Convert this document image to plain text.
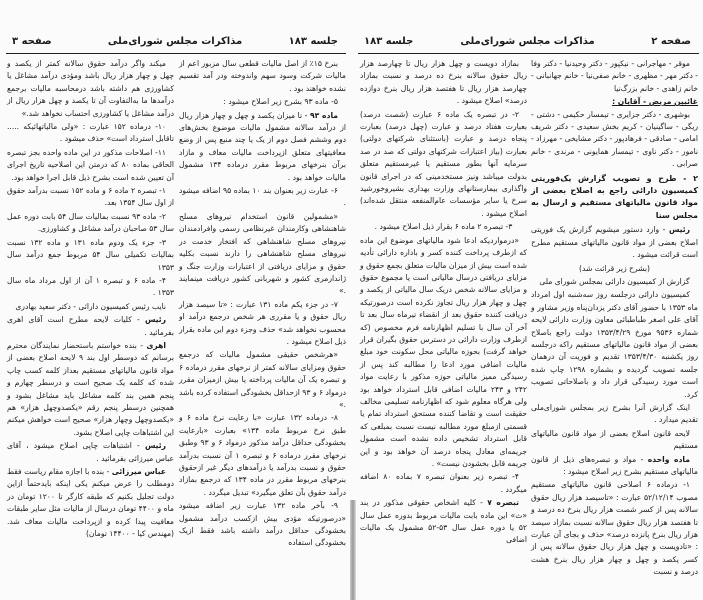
صفحه ۲
مذاکرات مجلس شورای‌ملی
جلسه ۱۸۳

موقر - مهاجرانی - نیکپور - دکتر وحیدنیا - دکتر وفا - دکتر مهر - مظهری - خانم صفی‌نیا - خانم جهانبانی - خانم زاهدی - خانم بزرگ‌نیا

غائبین مریض - آقایان :

بوشهری - دکتر جزایری - تیمسار حکیمی - دشتی - ریگی - ساگینیان - کریم بخش سعیدی - دکتر شریف امامی - صادقی - فرهادپور - دکتر مشایخی - مهرزاد - نامور - دکتر ناوی - تیمسار همایونی - مرندی - خانم صرابی .

۲ - طرح و تصویب گزارش یک‌فوریتی کمیسیون دارائی راجع به اصلاح بعضی از مواد قانون مالیاتهای مستقیم و ارسال به مجلس سنا

رئیس - وارد دستور میشویم گزارش یک فوریتی اصلاح بعضی از مواد قانون مالیاتهای مستقیم مطرح است قرائت میشود .

(بشرح زیر قرائت شد)

گزارش از کمیسیون دارائی بمجلس شورای ملی

کمیسیون دارائی درجلسه روز سه‌شنبه اول امرداد ماه ۱۳۵۳ با حضور آقای دکتر یزدان‌پناه وزیر مشاور و آقای علی اصغر طباطبائی معاون وزارت دارائی لایحه شماره ۹۵۳۶ مورخ ۱۳۵۳/۴/۲۹ دولت راجع باصلاح بعضی از مواد قانون مالیاتهای مستقیم راکه درجلسه روز یکشنبه ۱۳۵۳/۴/۳۰ تقدیم و فوریت آن درهمان جلسه تصویب گردیده و بشماره ۱۲۹۸ چاپ شده است مورد رسیدگی قرار داد و باصلاحاتی تصویب کرد.

اینک گزارش آنرا بشرح زیر بمجلس شورای‌ملی تقدیم میدارد .

لایحه قانون اصلاح بعضی از مواد قانون مالیاتهای مستقیم

ماده واحده - مواد و تبصره‌های ذیل از قانون مالیاتهای مستقیم بشرح زیر اصلاح میشود :

۱- درماده ۶ اصلاحی قانون مالیاتهای مستقیم مصوب ۵۲/۱۲/۱۴ عبارت : «تاسیصد هزار ریال حقوق سالانه پس از کسر شصت هزار ریال بنرخ ده درصد و تا هفتصد هزار ریال حقوق سالانه نسبت بمازاد سیصد هزار ریال بنرخ پانزده درصد» حذف و بجای آن عبارت : «تادویست و چهل هزار ریال حقوق سالانه پس از کسر یکصد و چهل و چهار هزار ریال بنرخ هشت درصد و نسبت

بمازاد دویست و چهل هزار ریال تا چهارصد هزار ریال حقوق سالانه بنرخ ده درصد و نسبت بمازاد چهارصد هزار ریال تا هفتصد هزار ریال بنرخ دوازده درصد» اصلاح میشود .

۲- در تبصره یک ماده ۶ عبارت (شصت درصد) بعبارت هفتاد درصد و عبارت (چهل درصد) بعبارت پنجاه درصد و عبارت (باستثنای شرکتهای دولتی) بعبارت (بیاز اعتبارات شرکتهای دولتی که صد در صد سرمایه آنها بطور مستقیم یا غیرمستقیم متعلق بدولت میباشد ونیز مستخدمینی که در اجرای قانون واگذاری بیمارستانهای وزارت بهداری بشیروخورشید سرخ یا سایر مؤسسات عام‌المنفعه منتقل شده‌اند) اصلاح میشود .

۳- تبصره ۲ ماده ۶ بقرار ذیل اصلاح میشود .

«درمواردیکه ادعا شود مالیاتهای موضوع این ماده که ازطرف پرداخت کننده کسر و باداره دارائی تأدیه شده است بیش از میزان مالیات متعلق بجمع حقوق و مزایای دریافتی درسال مالیاتی است یا مجموع حقوق و مزایای سالانه شخص دریک سال مالیاتی از یکصد و چهل و چهار هزار ریال تجاوز نکرده است درصورتیکه دریافت کننده حقوق بعد از انقضاء تیرماه سال بعد تا آخر آن سال با تسلیم اظهارنامه فرم مخصوص (که ازطرف وزارت دارائی در دسترس حقوق بگیران قرار خواهد گرفت) بحوزه مالیاتی محل سکونت خود مبلغ مالیات اضافی مورد ادعا را مطالبه کند پس از رسیدگی ممیز مالیاتی حوزه مذکور با رعایت مواد ۲۴۲ و ۲۴۳ مالیات اضافی قابل استرداد خواهد بود ولی هرگاه معلوم شود که اظهارنامه تسلیمی مخالف حقیقت است و تقاضا کننده مستحق استرداد تمام یا قسمتی ازمبلغ مورد مطالبه نیست نسبت بمبلغی که قابل استرداد تشخیص داده نشده است مشمول جریمه‌ای معادل پنجاه درصد آن خواهد بود و این جریمه قابل بخشودن نیست» .

۴- تبصره زیر بعنوان تبصره ۷ بماده ۸۰ اضافه میگردد .

تبصره ۷ - کلیه اشخاص حقوقی مذکور در بند «ث» این ماده بابت مالیات مربوط بدوره عمل سال ۵۲ یا دوره عمل سال ۵۳-۵۲ مشمول یک مالیات اضافی

جلسه ۱۸۳
مذاکرات مجلس شورای‌ملی
صفحه ۳

بنرخ ۱۵٪ از اصل مالیات قطعی سال مزبور اعم از مالیات شرکت وسود سهم واندوخته ودر آمد تقسیم نشده خواهند بود .

۵- ماده ۹۳ بشرح زیر اصلاح میشود :

ماده ۹۳ - تا میزان یکصد و چهل و چهار هزار ریال از درآمد سالانه مشمول مالیات موضوع بخش‌های دوم وششم فصل دوم از یک یا چند منبع پس از وضع معافیتهای متعلق ازپرداخت مالیات معاف و مازاد برآن بنرخهای مربوط مقرر درماده ۱۳۴ مشمول مالیات خواهد بود .

۶- عبارت زیر بعنوان بند ۱۰ بماده ۹۵ اضافه میشود .

«مشمولین قانون استخدام نیروهای مسلح شاهنشاهی وکارمندان غیرنظامی رسمی وافرادمندان نیروهای مسلح شاهنشاهی که افتخار خدمت در نیروهای مسلح شاهنشاهی را دارند نسبت بکلیه حقوق و مزایای دریافتی از اعتبارات وزارت جنگ و ژاندارمری کشور و شهربانی کشور دریافت مینمایند .»

۷- در جزء یکم ماده ۱۳۱ عبارت : «تا سیصد هزار ریال حقوق و یا مقرری هر شخص درجمع درآمد او محسوب نخواهد شد» حذف وجزء دوم این ماده بقرار ذیل اصلاح میشود .

«هرشخص حقیقی مشمول مالیات که درجمع حقوق ومزایای سالانه کمتر از نرخهای مقرر درماده ۶ و تبصره یک آن مالیات پرداخته یا بیش ازمیزان مقرر درمواد ۶ و ۹۳ ازحداقل بخشودگی استفاده کرده باشد .»

۸- درماده ۱۳۲ عبارت «با رعایت نرخ ماده ۶ و طبق نرخ مربوط ماده ۱۳۴» بعبارت «بارعایت بخشودگی حداقل درآمد مذکور درمواد ۶ و ۹۳ وطبق نرخهای مقرر درماده ۶ و تبصره ۱ آن نسبت بدرآمد حقوق و نسبت بدرآمد یا درآمدهای دیگر غیر ازحقوق بنرخهای مربوط مقرر در ماده ۱۳۴ که درجمع بمازاد درآمد حقوق بآن تعلق میگیرد» تبدیل میگردد .

۹- بآخر ماده ۱۳۲ عبارت زیر اضافه میشود «درصورتیکه مؤدی بیش ازکسب درآمد مشمول بخشودگی حداقل درآمد داشته باشد فقط ازیک بخشودگی استفاده

میکند واگر درآمد حقوق سالانه کمتر از یکصد و چهل و چهار هزار ریال باشد ومؤدی درآمد مشاغل یا کشاورزی هم داشته باشد درمحاسبه مالیات برجمع درآمدها ما به‌التفاوت آن تا یکصد و چهل هزار ریال از درآمد مشاغل یا کشاورزی احتساب نخواهد شد.»

۱۰- درماده ۱۵۲ عبارت : «ولی مالیاتهائیکه ..... تاقابل استرداد است» حذف میشود .

۱۱- اصلاحات مذکور در این ماده واحده بجز تبصره الحاقی بماده ۸۰ که درمتن این اصلاحیه تاریخ اجرای آن تعیین شده است بشرح ذیل قابل اجرا خواهد بود.

۱- تبصره ۲ ماده ۶ و ماده ۱۵۲ نسبت بدرآمد حقوق از اول سال ۱۳۵۴ بعد.

۲- ماده ۹۳ نسبت بمالیات سال ۵۴ بابت دوره عمل سال ۵۳ صاحبان درآمد مشاغل و کشاورزی.

۳- جزء یک ودوم ماده ۱۳۱ و ماده ۱۳۲ نسبت بمالیات تکمیلی سال ۵۴ مربوط جمع درآمد سال ۱۳۵۳

۴- ماده ۶ و تبصره ۱ آن از اول مرداد ماه سال ۱۳۵۳ .

نایب رئیس کمیسیون دارائی - دکتر سعید بهادری

رئیس - کلیات لایحه مطرح است آقای اهری بفرمائید .

اهری - بنده خواستم باستحضار نمایندگان محترم برسانم که دوسطر اول بند ۹ لایحه اصلاح بعضی از مواد قانون مالیاتهای مستقیم بعداز کلمه کسب چاپ شده که کلمه یک صحیح است و درسطر چهارم و پنجم همین بند کلمه مشاغل باید مشاغل بشود و همچنین درسطر پنجم رقم «یکصدوچهل هزار» هم «یکصدوچهل وچهار هزار» صحیح است خواهش میکنم این اشتباهات چاپی اصلاح بشود.

رئیس - اشتباهات چاپی اصلاح میشود ، آقای عباس میرزائی بفرمائید .

عباس میرزائی - بنده با اجازه مقام ریاست فقط دومطلب را عرض میکنم یکی اینکه بایدحتماً ازاین دولت تجلیل بکنیم که طبقه کارگر تا ۱۲۰۰ تومان در ماه و ۴۴۰۰ تومان درسال از مالیات مثل سایر طبقات معافیت پیدا کرده و ازپرداخت مالیات معاف شد. (مهندس کیا - ۱۴۴۰۰ تومان)
